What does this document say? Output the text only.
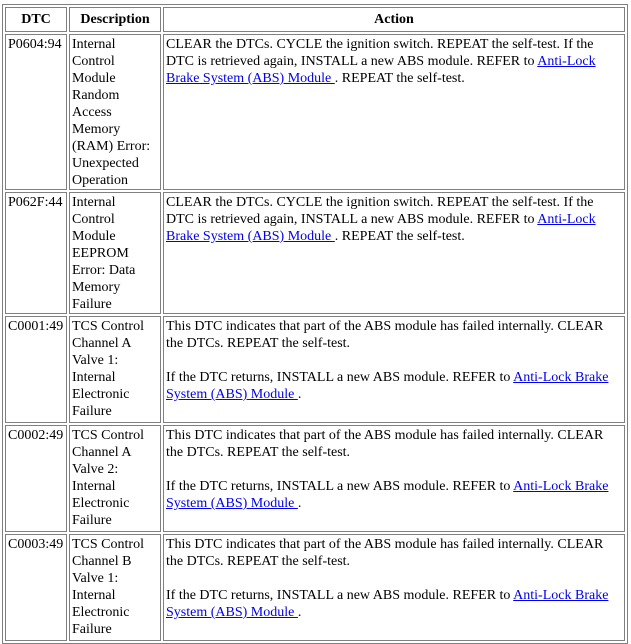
DTC	Description	Action
P0604:94	Internal Control Module Random Access Memory (RAM) Error: Unexpected Operation	CLEAR the DTCs. CYCLE the ignition switch. REPEAT the self-test. If the DTC is retrieved again, INSTALL a new ABS module. REFER to Anti-Lock Brake System (ABS) Module . REPEAT the self-test.

P062F:44	Internal Control Module EEPROM Error: Data Memory Failure	CLEAR the DTCs. CYCLE the ignition switch. REPEAT the self-test. If the DTC is retrieved again, INSTALL a new ABS module. REFER to Anti-Lock Brake System (ABS) Module . REPEAT the self-test.

C0001:49	TCS Control Channel A Valve 1: Internal Electronic Failure	This DTC indicates that part of the ABS module has failed internally. CLEAR the DTCs. REPEAT the self-test.

If the DTC returns, INSTALL a new ABS module. REFER to Anti-Lock Brake System (ABS) Module .

C0002:49	TCS Control Channel A Valve 2: Internal Electronic Failure	This DTC indicates that part of the ABS module has failed internally. CLEAR the DTCs. REPEAT the self-test.

If the DTC returns, INSTALL a new ABS module. REFER to Anti-Lock Brake System (ABS) Module .

C0003:49	TCS Control Channel B Valve 1: Internal Electronic Failure	This DTC indicates that part of the ABS module has failed internally. CLEAR the DTCs. REPEAT the self-test.

If the DTC returns, INSTALL a new ABS module. REFER to Anti-Lock Brake System (ABS) Module .
